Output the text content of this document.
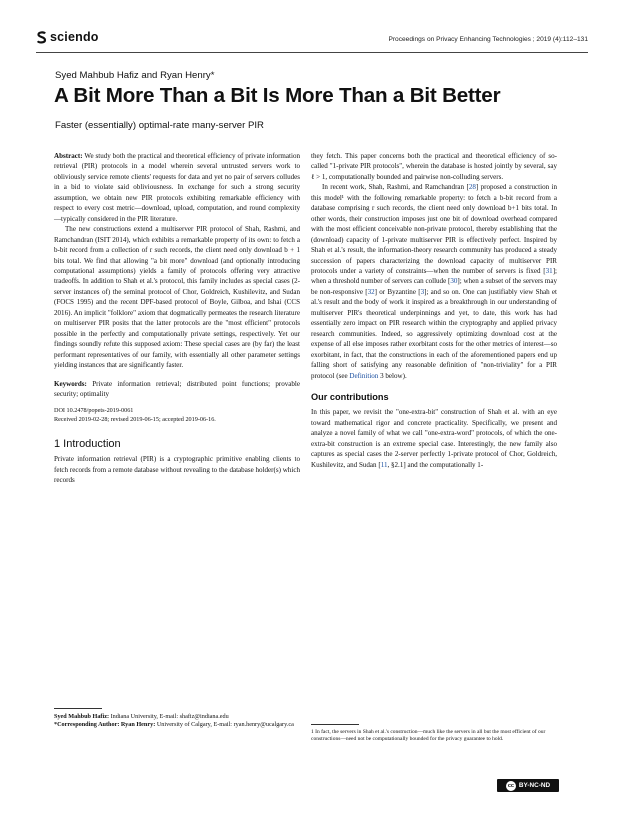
sciendo	Proceedings on Privacy Enhancing Technologies ; 2019 (4):112–131
Syed Mahbub Hafiz and Ryan Henry*
A Bit More Than a Bit Is More Than a Bit Better
Faster (essentially) optimal-rate many-server PIR

Abstract: We study both the practical and theoretical efficiency of private information retrieval (PIR) protocols in a model wherein several untrusted servers work to obliviously service remote clients' requests for data and yet no pair of servers colludes in a bid to violate said obliviousness. In exchange for such a strong security assumption, we obtain new PIR protocols exhibiting remarkable efficiency with respect to every cost metric—download, upload, computation, and round complexity—typically considered in the PIR literature.

The new constructions extend a multiserver PIR protocol of Shah, Rashmi, and Ramchandran (ISIT 2014), which exhibits a remarkable property of its own: to fetch a b-bit record from a collection of r such records, the client need only download b + 1 bits total. We find that allowing "a bit more" download (and optionally introducing computational assumptions) yields a family of protocols offering very attractive tradeoffs. In addition to Shah et al.'s protocol, this family includes as special cases (2-server instances of) the seminal protocol of Chor, Goldreich, Kushilevitz, and Sudan (FOCS 1995) and the recent DPF-based protocol of Boyle, Gilboa, and Ishai (CCS 2016). An implicit "folklore" axiom that dogmatically permeates the research literature on multiserver PIR posits that the latter protocols are the "most efficient" protocols possible in the perfectly and computationally private settings, respectively. Yet our findings soundly refute this supposed axiom: These special cases are (by far) the least performant representatives of our family, with essentially all other parameter settings yielding instances that are significantly faster.

Keywords: Private information retrieval; distributed point functions; provable security; optimality

DOI 10.2478/popets-2019-0061
Received 2019-02-28; revised 2019-06-15; accepted 2019-06-16.
1 Introduction

Private information retrieval (PIR) is a cryptographic primitive enabling clients to fetch records from a remote database without revealing to the database holder(s) which records

they fetch. This paper concerns both the practical and theoretical efficiency of so-called "1-private PIR protocols", wherein the database is hosted jointly by several, say ℓ > 1, computationally bounded and pairwise non-colluding servers.

In recent work, Shah, Rashmi, and Ramchandran [28] proposed a construction in this model¹ with the following remarkable property: to fetch a b-bit record from a database comprising r such records, the client need only download b+1 bits total. In other words, their construction imposes just one bit of download overhead compared with the most efficient conceivable non-private protocol, thereby establishing that the (download) capacity of 1-private multiserver PIR is effectively perfect. Inspired by Shah et al.'s result, the information-theory research community has produced a steady succession of papers characterizing the download capacity of multiserver PIR protocols under a variety of constraints—when the number of servers is fixed [31]; when a threshold number of servers can collude [30]; when a subset of the servers may be non-responsive [32] or Byzantine [3]; and so on. One can justifiably view Shah et al.'s result and the body of work it inspired as a breakthrough in our understanding of multiserver PIR's theoretical underpinnings and yet, to date, this work has had essentially zero impact on PIR research within the cryptography and applied privacy research communities. Indeed, so aggressively optimizing download cost at the expense of all else imposes rather exorbitant costs for the other metrics of interest—so exorbitant, in fact, that the constructions in each of the aforementioned papers end up falling short of satisfying any reasonable definition of "non-triviality" for a PIR protocol (see Definition 3 below).

Our contributions

In this paper, we revisit the "one-extra-bit" construction of Shah et al. with an eye toward mathematical rigor and concrete practicality. Specifically, we present and analyze a novel family of what we call "one-extra-word" protocols, of which the one-extra-bit construction is an extreme special case. Interestingly, the new family also captures as special cases the 2-server perfectly 1-private protocol of Chor, Goldreich, Kushilevitz, and Sudan [11, §2.1] and the computationally 1-

Syed Mahbub Hafiz: Indiana University, E-mail: shafiz@indiana.edu
*Corresponding Author: Ryan Henry: University of Calgary, E-mail: ryan.henry@ucalgary.ca
1 In fact, the servers in Shah et al.'s construction—much like the servers in all but the most efficient of our constructions—need not be computationally bounded for the privacy guarantee to hold.
cc BY-NC-ND
